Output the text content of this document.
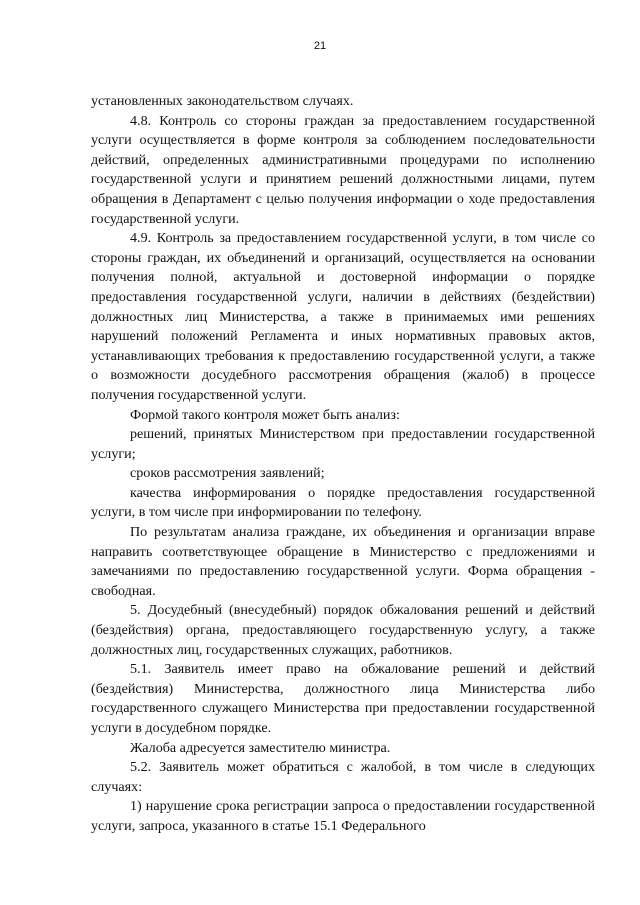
21

установленных законодательством случаях.

4.8. Контроль со стороны граждан за предоставлением государственной услуги осуществляется в форме контроля за соблюдением последовательности действий, определенных административными процедурами по исполнению государственной услуги и принятием решений должностными лицами, путем обращения в Департамент с целью получения информации о ходе предоставления государственной услуги.

4.9. Контроль за предоставлением государственной услуги, в том числе со стороны граждан, их объединений и организаций, осуществляется на основании получения полной, актуальной и достоверной информации о порядке предоставления государственной услуги, наличии в действиях (бездействии) должностных лиц Министерства, а также в принимаемых ими решениях нарушений положений Регламента и иных нормативных правовых актов, устанавливающих требования к предоставлению государственной услуги, а также о возможности досудебного рассмотрения обращения (жалоб) в процессе получения государственной услуги.

Формой такого контроля может быть анализ:

решений, принятых Министерством при предоставлении государственной услуги;

сроков рассмотрения заявлений;

качества информирования о порядке предоставления государственной услуги, в том числе при информировании по телефону.

По результатам анализа граждане, их объединения и организации вправе направить соответствующее обращение в Министерство с предложениями и замечаниями по предоставлению государственной услуги. Форма обращения - свободная.

5. Досудебный (внесудебный) порядок обжалования решений и действий (бездействия) органа, предоставляющего государственную услугу, а также должностных лиц, государственных служащих, работников.

5.1. Заявитель имеет право на обжалование решений и действий (бездействия) Министерства, должностного лица Министерства либо государственного служащего Министерства при предоставлении государственной услуги в досудебном порядке.

Жалоба адресуется заместителю министра.

5.2. Заявитель может обратиться с жалобой, в том числе в следующих случаях:

1) нарушение срока регистрации запроса о предоставлении государственной услуги, запроса, указанного в статье 15.1 Федерального
